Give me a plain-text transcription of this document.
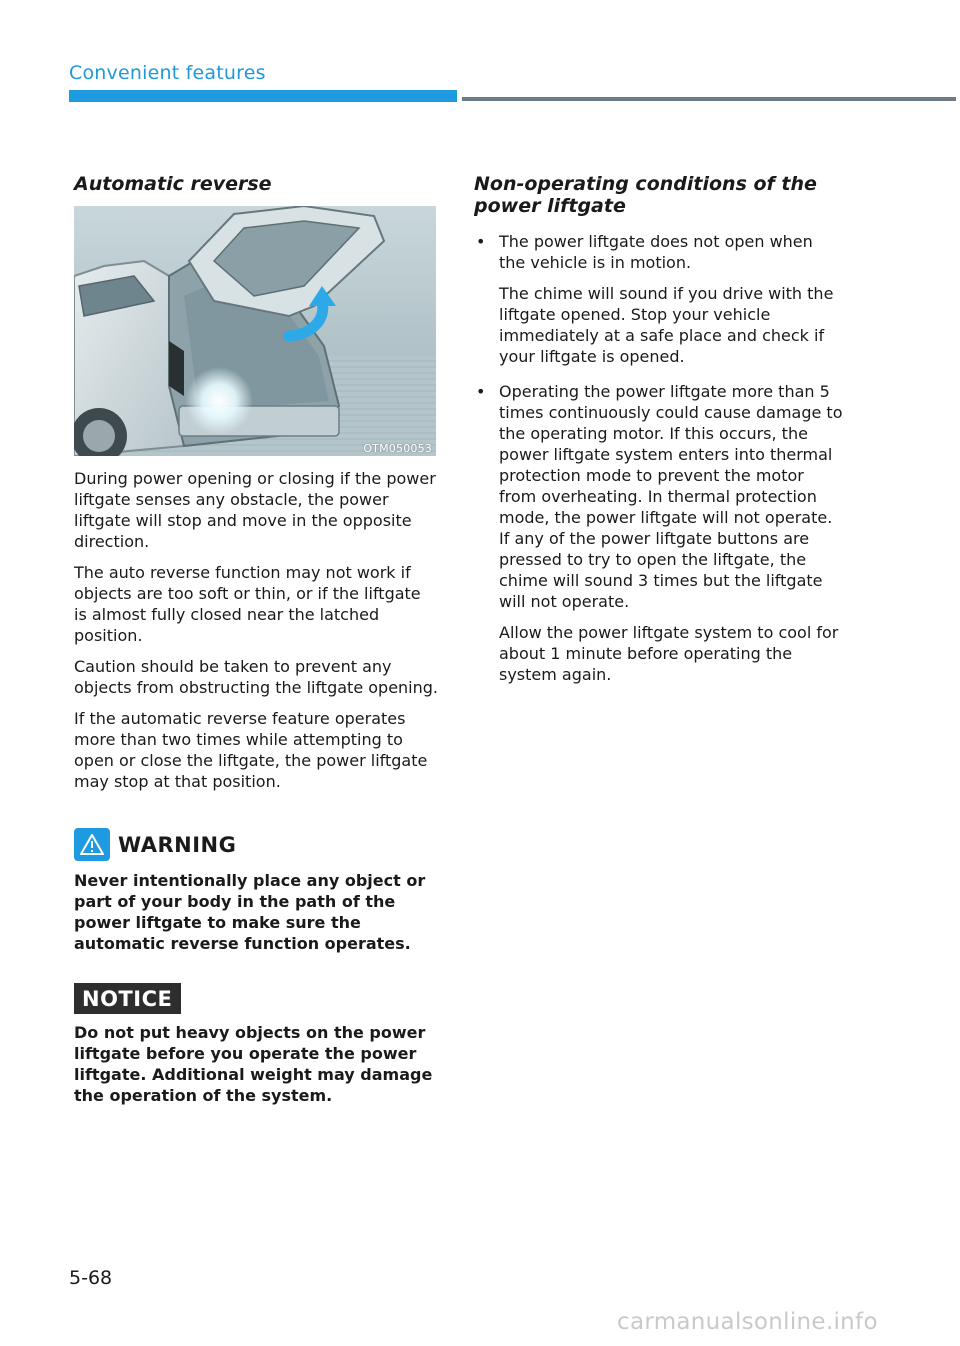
Convenient features
Automatic reverse
OTM050053

During power opening or closing if the power liftgate senses any obstacle, the power liftgate will stop and move in the opposite direction.

The auto reverse function may not work if objects are too soft or thin, or if the liftgate is almost fully closed near the latched position.

Caution should be taken to prevent any objects from obstructing the liftgate opening.

If the automatic reverse feature operates more than two times while attempting to open or close the liftgate, the power liftgate may stop at that position.

WARNING

Never intentionally place any object or part of your body in the path of the power liftgate to make sure the automatic reverse function operates.

NOTICE

Do not put heavy objects on the power liftgate before you operate the power liftgate. Additional weight may damage the operation of the system.

Non-operating conditions of the power liftgate
• The power liftgate does not open when the vehicle is in motion.

The chime will sound if you drive with the liftgate opened. Stop your vehicle immediately at a safe place and check if your liftgate is opened.

• Operating the power liftgate more than 5 times continuously could cause damage to the operating motor. If this occurs, the power liftgate system enters into thermal protection mode to prevent the motor from overheating. In thermal protection mode, the power liftgate will not operate. If any of the power liftgate buttons are pressed to try to open the liftgate, the chime will sound 3 times but the liftgate will not operate.

Allow the power liftgate system to cool for about 1 minute before operating the system again.

5-68
carmanualsonline.info
